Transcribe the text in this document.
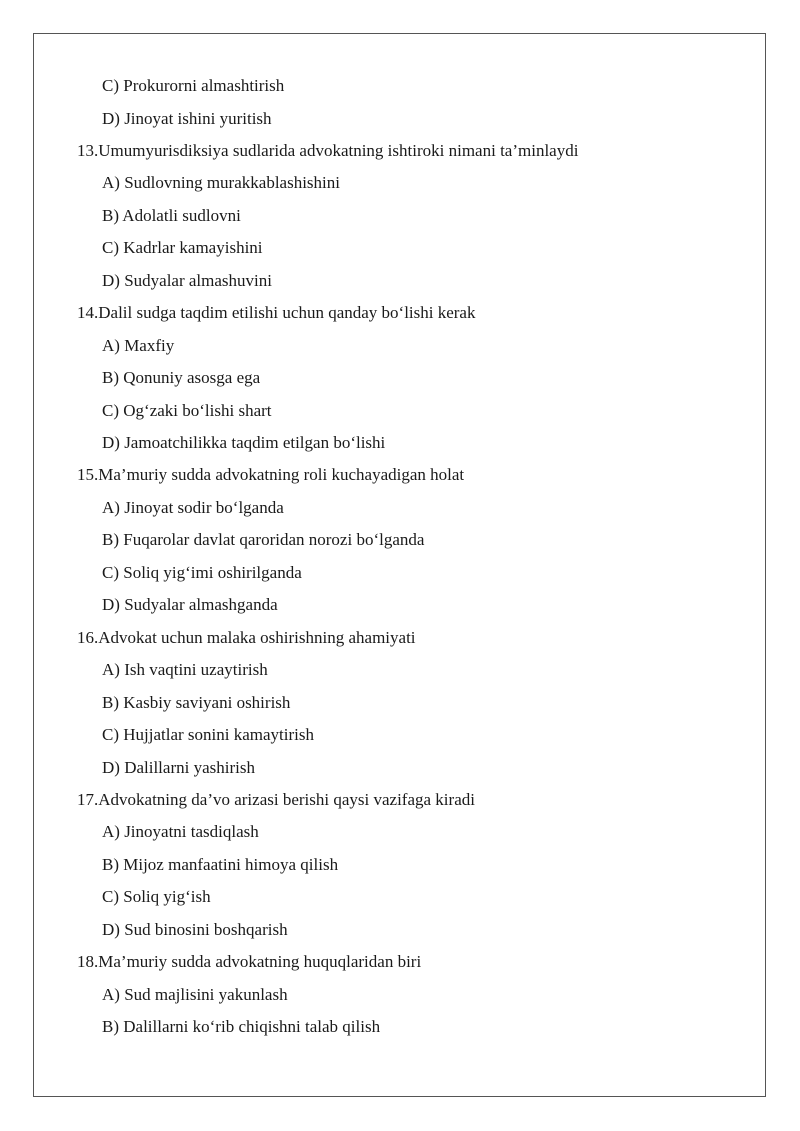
C) Prokurorni almashtirish
D) Jinoyat ishini yuritish
13.Umumyurisdiksiya sudlarida advokatning ishtiroki nimani ta’minlaydi
A) Sudlovning murakkablashishini
B) Adolatli sudlovni
C) Kadrlar kamayishini
D) Sudyalar almashuvini
14.Dalil sudga taqdim etilishi uchun qanday bo‘lishi kerak
A) Maxfiy
B) Qonuniy asosga ega
C) Og‘zaki bo‘lishi shart
D) Jamoatchilikka taqdim etilgan bo‘lishi
15.Ma’muriy sudda advokatning roli kuchayadigan holat
A) Jinoyat sodir bo‘lganda
B) Fuqarolar davlat qaroridan norozi bo‘lganda
C) Soliq yig‘imi oshirilganda
D) Sudyalar almashganda
16.Advokat uchun malaka oshirishning ahamiyati
A) Ish vaqtini uzaytirish
B) Kasbiy saviyani oshirish
C) Hujjatlar sonini kamaytirish
D) Dalillarni yashirish
17.Advokatning da’vo arizasi berishi qaysi vazifaga kiradi
A) Jinoyatni tasdiqlash
B) Mijoz manfaatini himoya qilish
C) Soliq yig‘ish
D) Sud binosini boshqarish
18.Ma’muriy sudda advokatning huquqlaridan biri
A) Sud majlisini yakunlash
B) Dalillarni ko‘rib chiqishni talab qilish
